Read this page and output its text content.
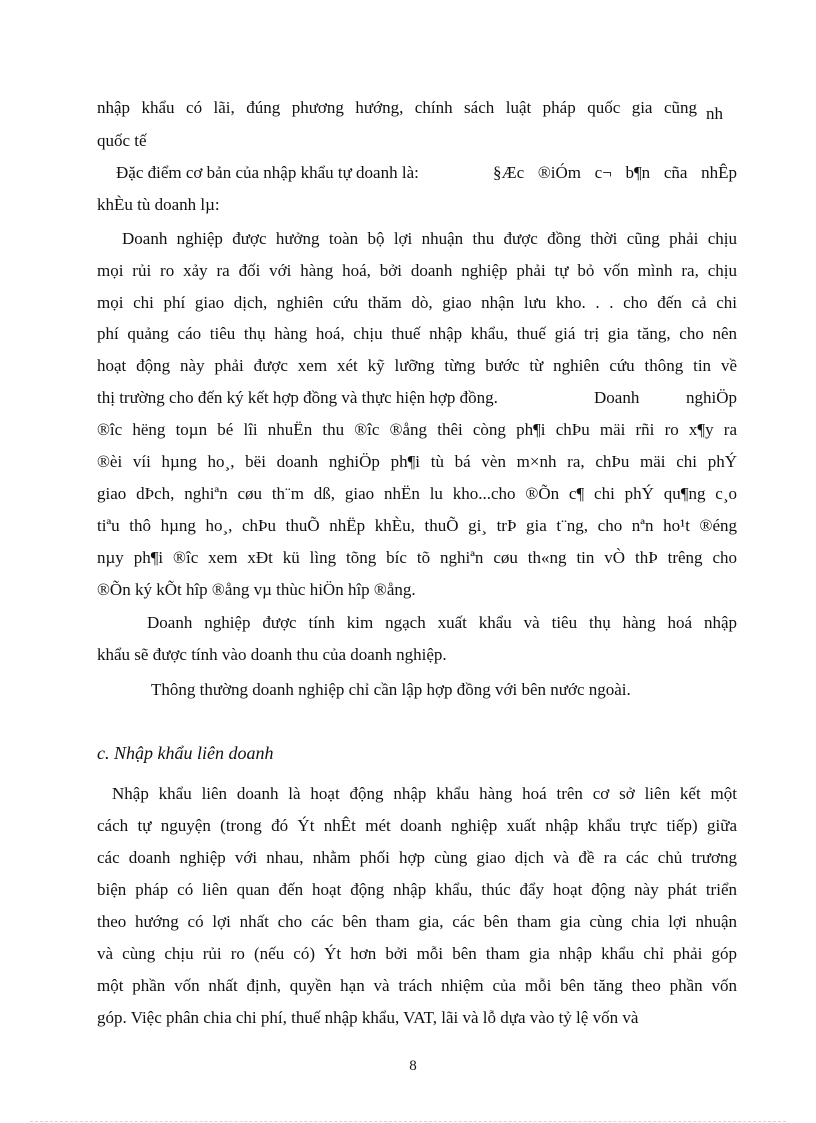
nhập khẩu có lãi, đúng phương hướng, chính sách luật pháp quốc gia cũng nh
quốc tế
Đặc điểm cơ bản của nhập khẩu tự doanh là:	§Æc ®iÓm c¬ b¶n cña nhÊp
khÈu tù doanh lµ:
Doanh nghiệp được hưởng toàn bộ lợi nhuận thu được đồng thời cũng phải chịu
mọi rủi ro xảy ra đối với hàng hoá, bởi doanh nghiệp phải tự bỏ vốn mình ra, chịu
mọi chi phí giao dịch, nghiên cứu thăm dò, giao nhận lưu kho. . . cho đến cả chi
phí quảng cáo tiêu thụ hàng hoá, chịu thuế nhập khẩu, thuế giá trị gia tăng, cho nên
hoạt động này phải được xem xét kỹ lưỡng từng bước từ nghiên cứu thông tin về
thị trường cho đến ký kết hợp đồng và thực hiện hợp đồng.	Doanh nghiÖp
®îc hëng toµn bé lîi nhuËn thu ®îc ®ång thêi còng ph¶i chÞu mäi rñi ro x¶y ra
®èi víi hµng ho¸, bëi doanh nghiÖp ph¶i tù bá vèn m×nh ra, chÞu mäi chi phÝ
giao dÞch, nghiªn cøu th¨m dß, giao nhËn lu kho...cho ®Õn c¶ chi phÝ qu¶ng c¸o
tiªu thô hµng ho¸, chÞu thuÕ nhËp khÈu, thuÕ gi¸ trÞ gia t¨ng, cho nªn ho¹t ®éng
nµy ph¶i ®îc xem xÐt kü lìng tõng bíc tõ nghiªn cøu th«ng tin vÒ thÞ trêng cho
®Õn ký kÕt hîp ®ång vµ thùc hiÖn hîp ®ång.
Doanh nghiệp được tính kim ngạch xuất khẩu và tiêu thụ hàng hoá nhập
khẩu sẽ được tính vào doanh thu của doanh nghiệp.
Thông thường doanh nghiệp chỉ cần lập hợp đồng với bên nước ngoài.
c. Nhập khẩu liên doanh
Nhập khẩu liên doanh là hoạt động nhập khẩu hàng hoá trên cơ sở liên kết một
cách tự nguyện (trong đó Ýt nhÊt mét doanh nghiệp xuất nhập khẩu trực tiếp) giữa
các doanh nghiệp với nhau, nhằm phối hợp cùng giao dịch và đề ra các chủ trương
biện pháp có liên quan đến hoạt động nhập khẩu, thúc đẩy hoạt động này phát triển
theo hướng có lợi nhất cho các bên tham gia, các bên tham gia cùng chia lợi nhuận
và cùng chịu rủi ro (nếu có) Ýt hơn bởi mỗi bên tham gia nhập khẩu chỉ phải góp
một phần vốn nhất định, quyền hạn và trách nhiệm của mỗi bên tăng theo phần vốn
góp. Việc phân chia chi phí, thuế nhập khẩu, VAT, lãi và lỗ dựa vào tỷ lệ vốn và
8
